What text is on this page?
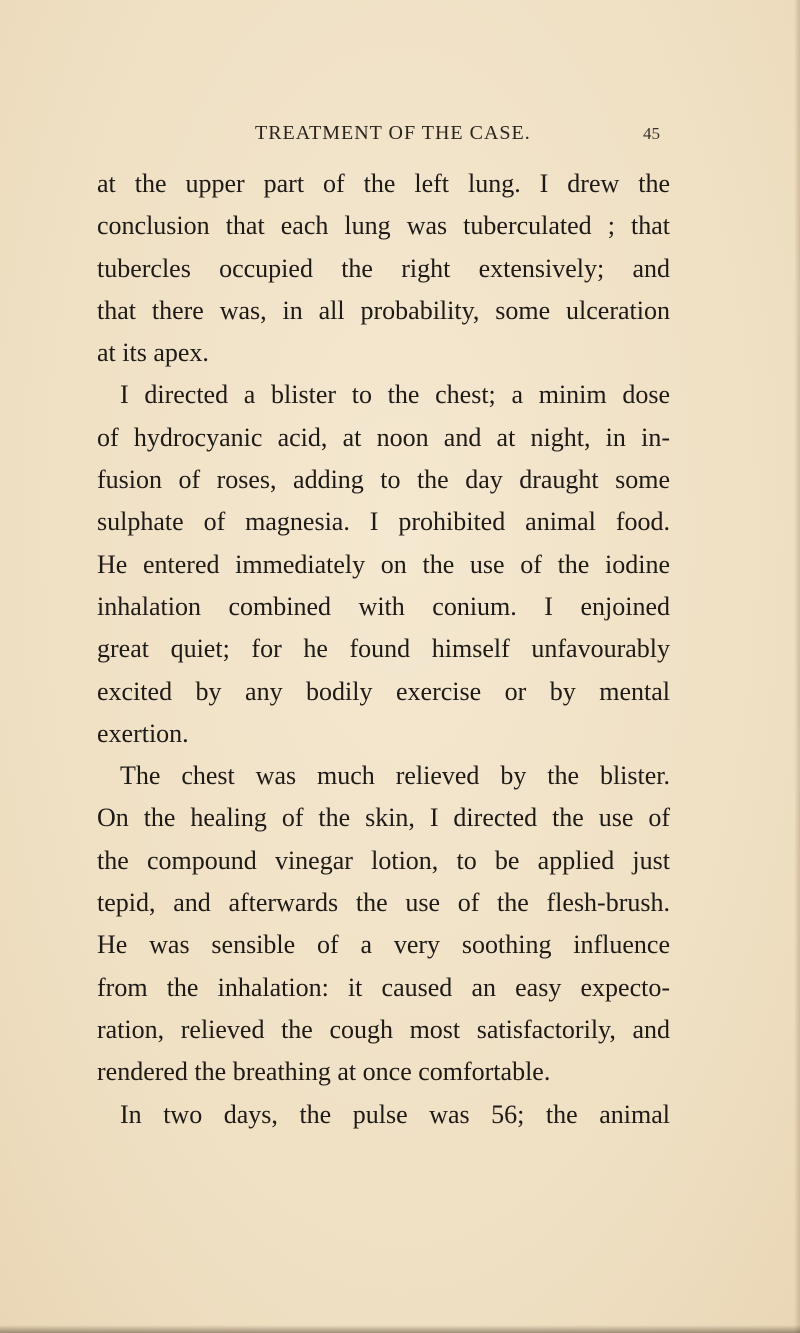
TREATMENT OF THE CASE.	45
at the upper part of the left lung. I drew the
conclusion that each lung was tuberculated ; that
tubercles occupied the right extensively; and
that there was, in all probability, some ulceration
at its apex.
I directed a blister to the chest; a minim dose
of hydrocyanic acid, at noon and at night, in in-
fusion of roses, adding to the day draught some
sulphate of magnesia. I prohibited animal food.
He entered immediately on the use of the iodine
inhalation combined with conium. I enjoined
great quiet; for he found himself unfavourably
excited by any bodily exercise or by mental
exertion.
The chest was much relieved by the blister.
On the healing of the skin, I directed the use of
the compound vinegar lotion, to be applied just
tepid, and afterwards the use of the flesh-brush.
He was sensible of a very soothing influence
from the inhalation: it caused an easy expecto-
ration, relieved the cough most satisfactorily, and
rendered the breathing at once comfortable.
In two days, the pulse was 56; the animal
